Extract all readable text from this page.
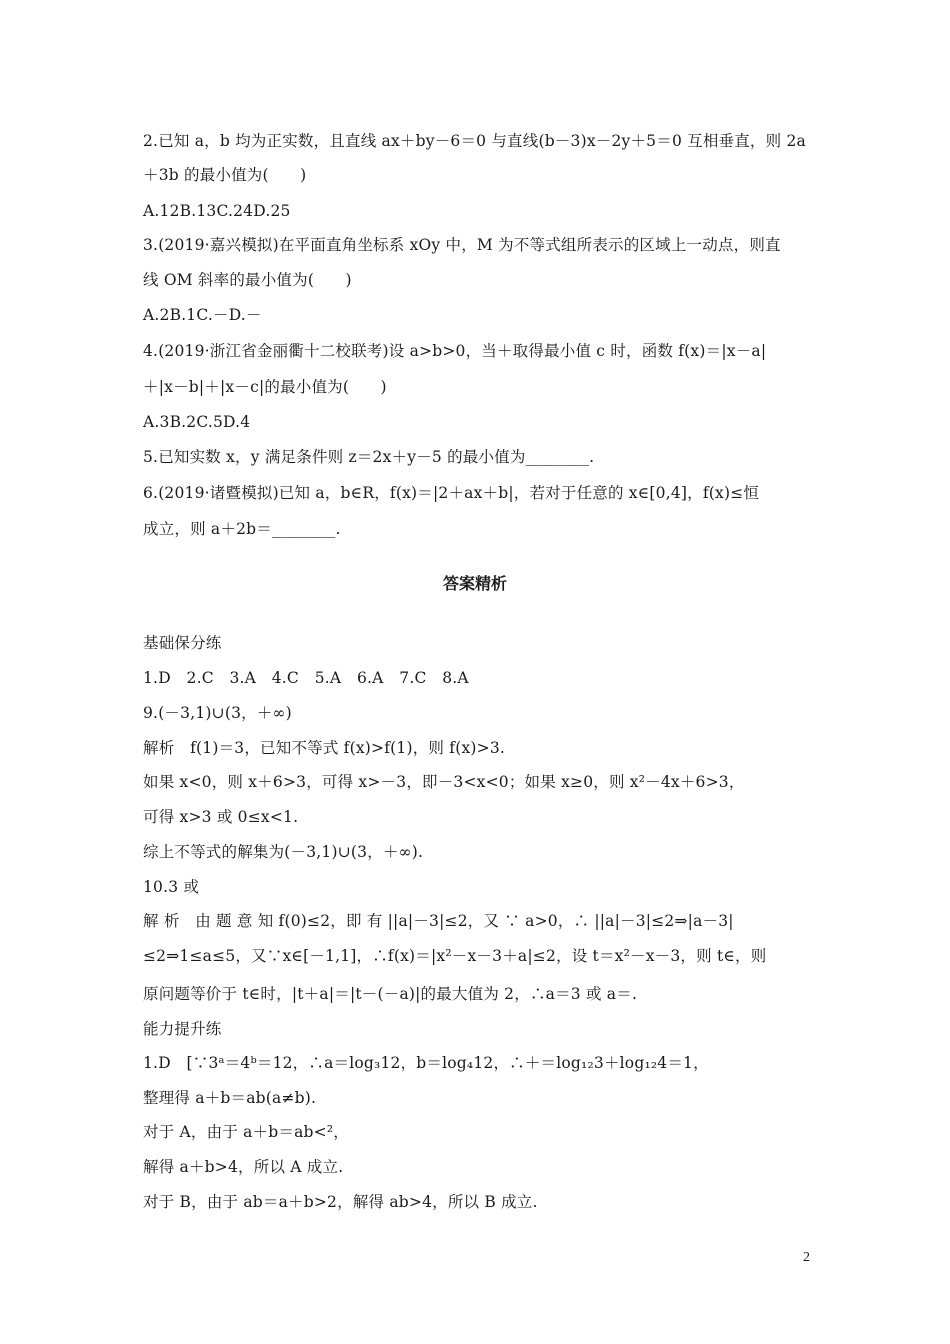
2.已知 a，b 均为正实数，且直线 ax＋by－6＝0 与直线(b－3)x－2y＋5＝0 互相垂直，则 2a
＋3b 的最小值为(　　)
A.12B.13C.24D.25
3.(2019·嘉兴模拟)在平面直角坐标系 xOy 中，M 为不等式组所表示的区域上一动点，则直
线 OM 斜率的最小值为(　　)
A.2B.1C.－D.－
4.(2019·浙江省金丽衢十二校联考)设 a>b>0，当＋取得最小值 c 时，函数 f(x)＝|x－a|
＋|x－b|＋|x－c|的最小值为(　　)
A.3B.2C.5D.4
5.已知实数 x，y 满足条件则 z＝2x＋y－5 的最小值为________.
6.(2019·诸暨模拟)已知 a，b∈R，f(x)＝|2＋ax＋b|，若对于任意的 x∈[0,4]，f(x)≤恒
成立，则 a＋2b＝________.
答案精析
基础保分练
1.D　2.C　3.A　4.C　5.A　6.A　7.C　8.A
9.(－3,1)∪(3，＋∞)
解析　f(1)＝3，已知不等式 f(x)>f(1)，则 f(x)>3.
如果 x<0，则 x＋6>3，可得 x>－3，即－3<x<0；如果 x≥0，则 x²－4x＋6>3，
可得 x>3 或 0≤x<1.
综上不等式的解集为(－3,1)∪(3，＋∞).
10.3 或
解 析　由 题 意 知 f(0)≤2，即 有 ||a|－3|≤2，又 ∵ a>0，∴ ||a|－3|≤2⇒|a－3|
≤2⇒1≤a≤5，又∵x∈[－1,1]，∴f(x)＝|x²－x－3＋a|≤2，设 t＝x²－x－3，则 t∈，则
原问题等价于 t∈时，|t＋a|＝|t－(－a)|的最大值为 2，∴a＝3 或 a＝.
能力提升练
1.D　[∵3ᵃ＝4ᵇ＝12，∴a＝log₃12，b＝log₄12，∴＋＝log₁₂3＋log₁₂4＝1，
整理得 a＋b＝ab(a≠b).
对于 A，由于 a＋b＝ab<²，
解得 a＋b>4，所以 A 成立.
对于 B，由于 ab＝a＋b>2，解得 ab>4，所以 B 成立.
2
